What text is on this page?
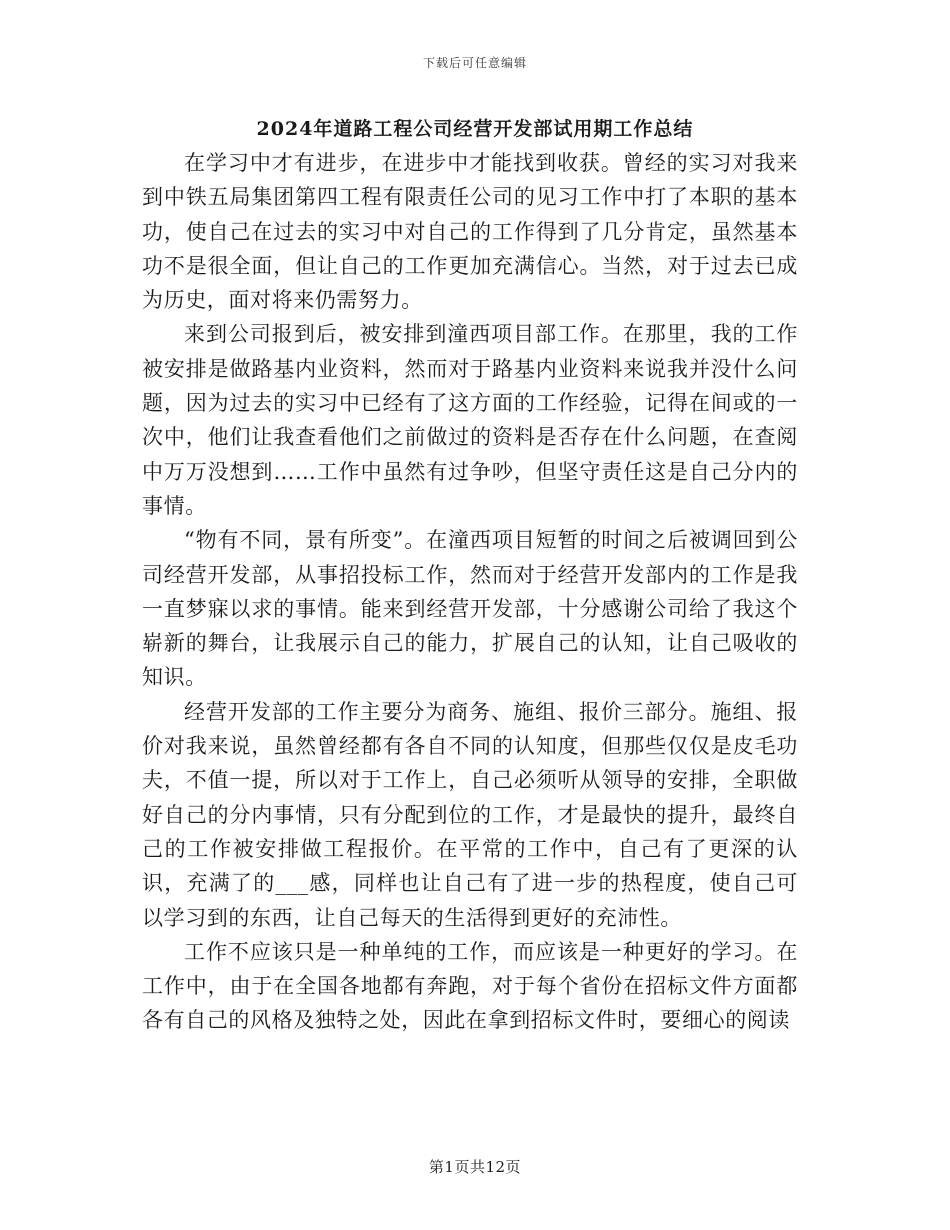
下载后可任意编辑
2024年道路工程公司经营开发部试用期工作总结

在学习中才有进步，在进步中才能找到收获。曾经的实习对我来到中铁五局集团第四工程有限责任公司的见习工作中打了本职的基本功，使自己在过去的实习中对自己的工作得到了几分肯定，虽然基本功不是很全面，但让自己的工作更加充满信心。当然，对于过去已成为历史，面对将来仍需努力。

来到公司报到后，被安排到潼西项目部工作。在那里，我的工作被安排是做路基内业资料，然而对于路基内业资料来说我并没什么问题，因为过去的实习中已经有了这方面的工作经验，记得在间或的一次中，他们让我查看他们之前做过的资料是否存在什么问题，在查阅中万万没想到……工作中虽然有过争吵，但坚守责任这是自己分内的事情。

“物有不同，景有所变”。在潼西项目短暂的时间之后被调回到公司经营开发部，从事招投标工作，然而对于经营开发部内的工作是我一直梦寐以求的事情。能来到经营开发部，十分感谢公司给了我这个崭新的舞台，让我展示自己的能力，扩展自己的认知，让自己吸收的知识。

经营开发部的工作主要分为商务、施组、报价三部分。施组、报价对我来说，虽然曾经都有各自不同的认知度，但那些仅仅是皮毛功夫，不值一提，所以对于工作上，自己必须听从领导的安排，全职做好自己的分内事情，只有分配到位的工作，才是最快的提升，最终自己的工作被安排做工程报价。在平常的工作中，自己有了更深的认识，充满了的___感，同样也让自己有了进一步的热程度，使自己可以学习到的东西，让自己每天的生活得到更好的充沛性。

工作不应该只是一种单纯的工作，而应该是一种更好的学习。在工作中，由于在全国各地都有奔跑，对于每个省份在招标文件方面都各有自己的风格及独特之处，因此在拿到招标文件时，要细心的阅读

第1页共12页
